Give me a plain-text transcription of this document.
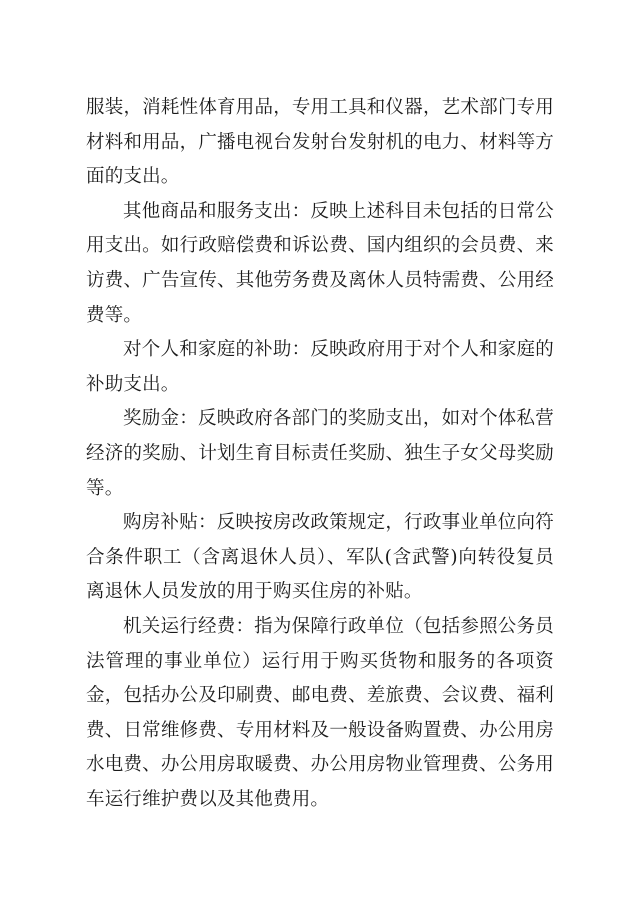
服装，消耗性体育用品，专用工具和仪器，艺术部门专用材料和用品，广播电视台发射台发射机的电力、材料等方面的支出。

其他商品和服务支出：反映上述科目未包括的日常公用支出。如行政赔偿费和诉讼费、国内组织的会员费、来访费、广告宣传、其他劳务费及离休人员特需费、公用经费等。

对个人和家庭的补助：反映政府用于对个人和家庭的补助支出。

奖励金：反映政府各部门的奖励支出，如对个体私营经济的奖励、计划生育目标责任奖励、独生子女父母奖励等。

购房补贴：反映按房改政策规定，行政事业单位向符合条件职工（含离退休人员）、军队(含武警)向转役复员离退休人员发放的用于购买住房的补贴。

机关运行经费：指为保障行政单位（包括参照公务员法管理的事业单位）运行用于购买货物和服务的各项资金，包括办公及印刷费、邮电费、差旅费、会议费、福利费、日常维修费、专用材料及一般设备购置费、办公用房水电费、办公用房取暖费、办公用房物业管理费、公务用车运行维护费以及其他费用。
